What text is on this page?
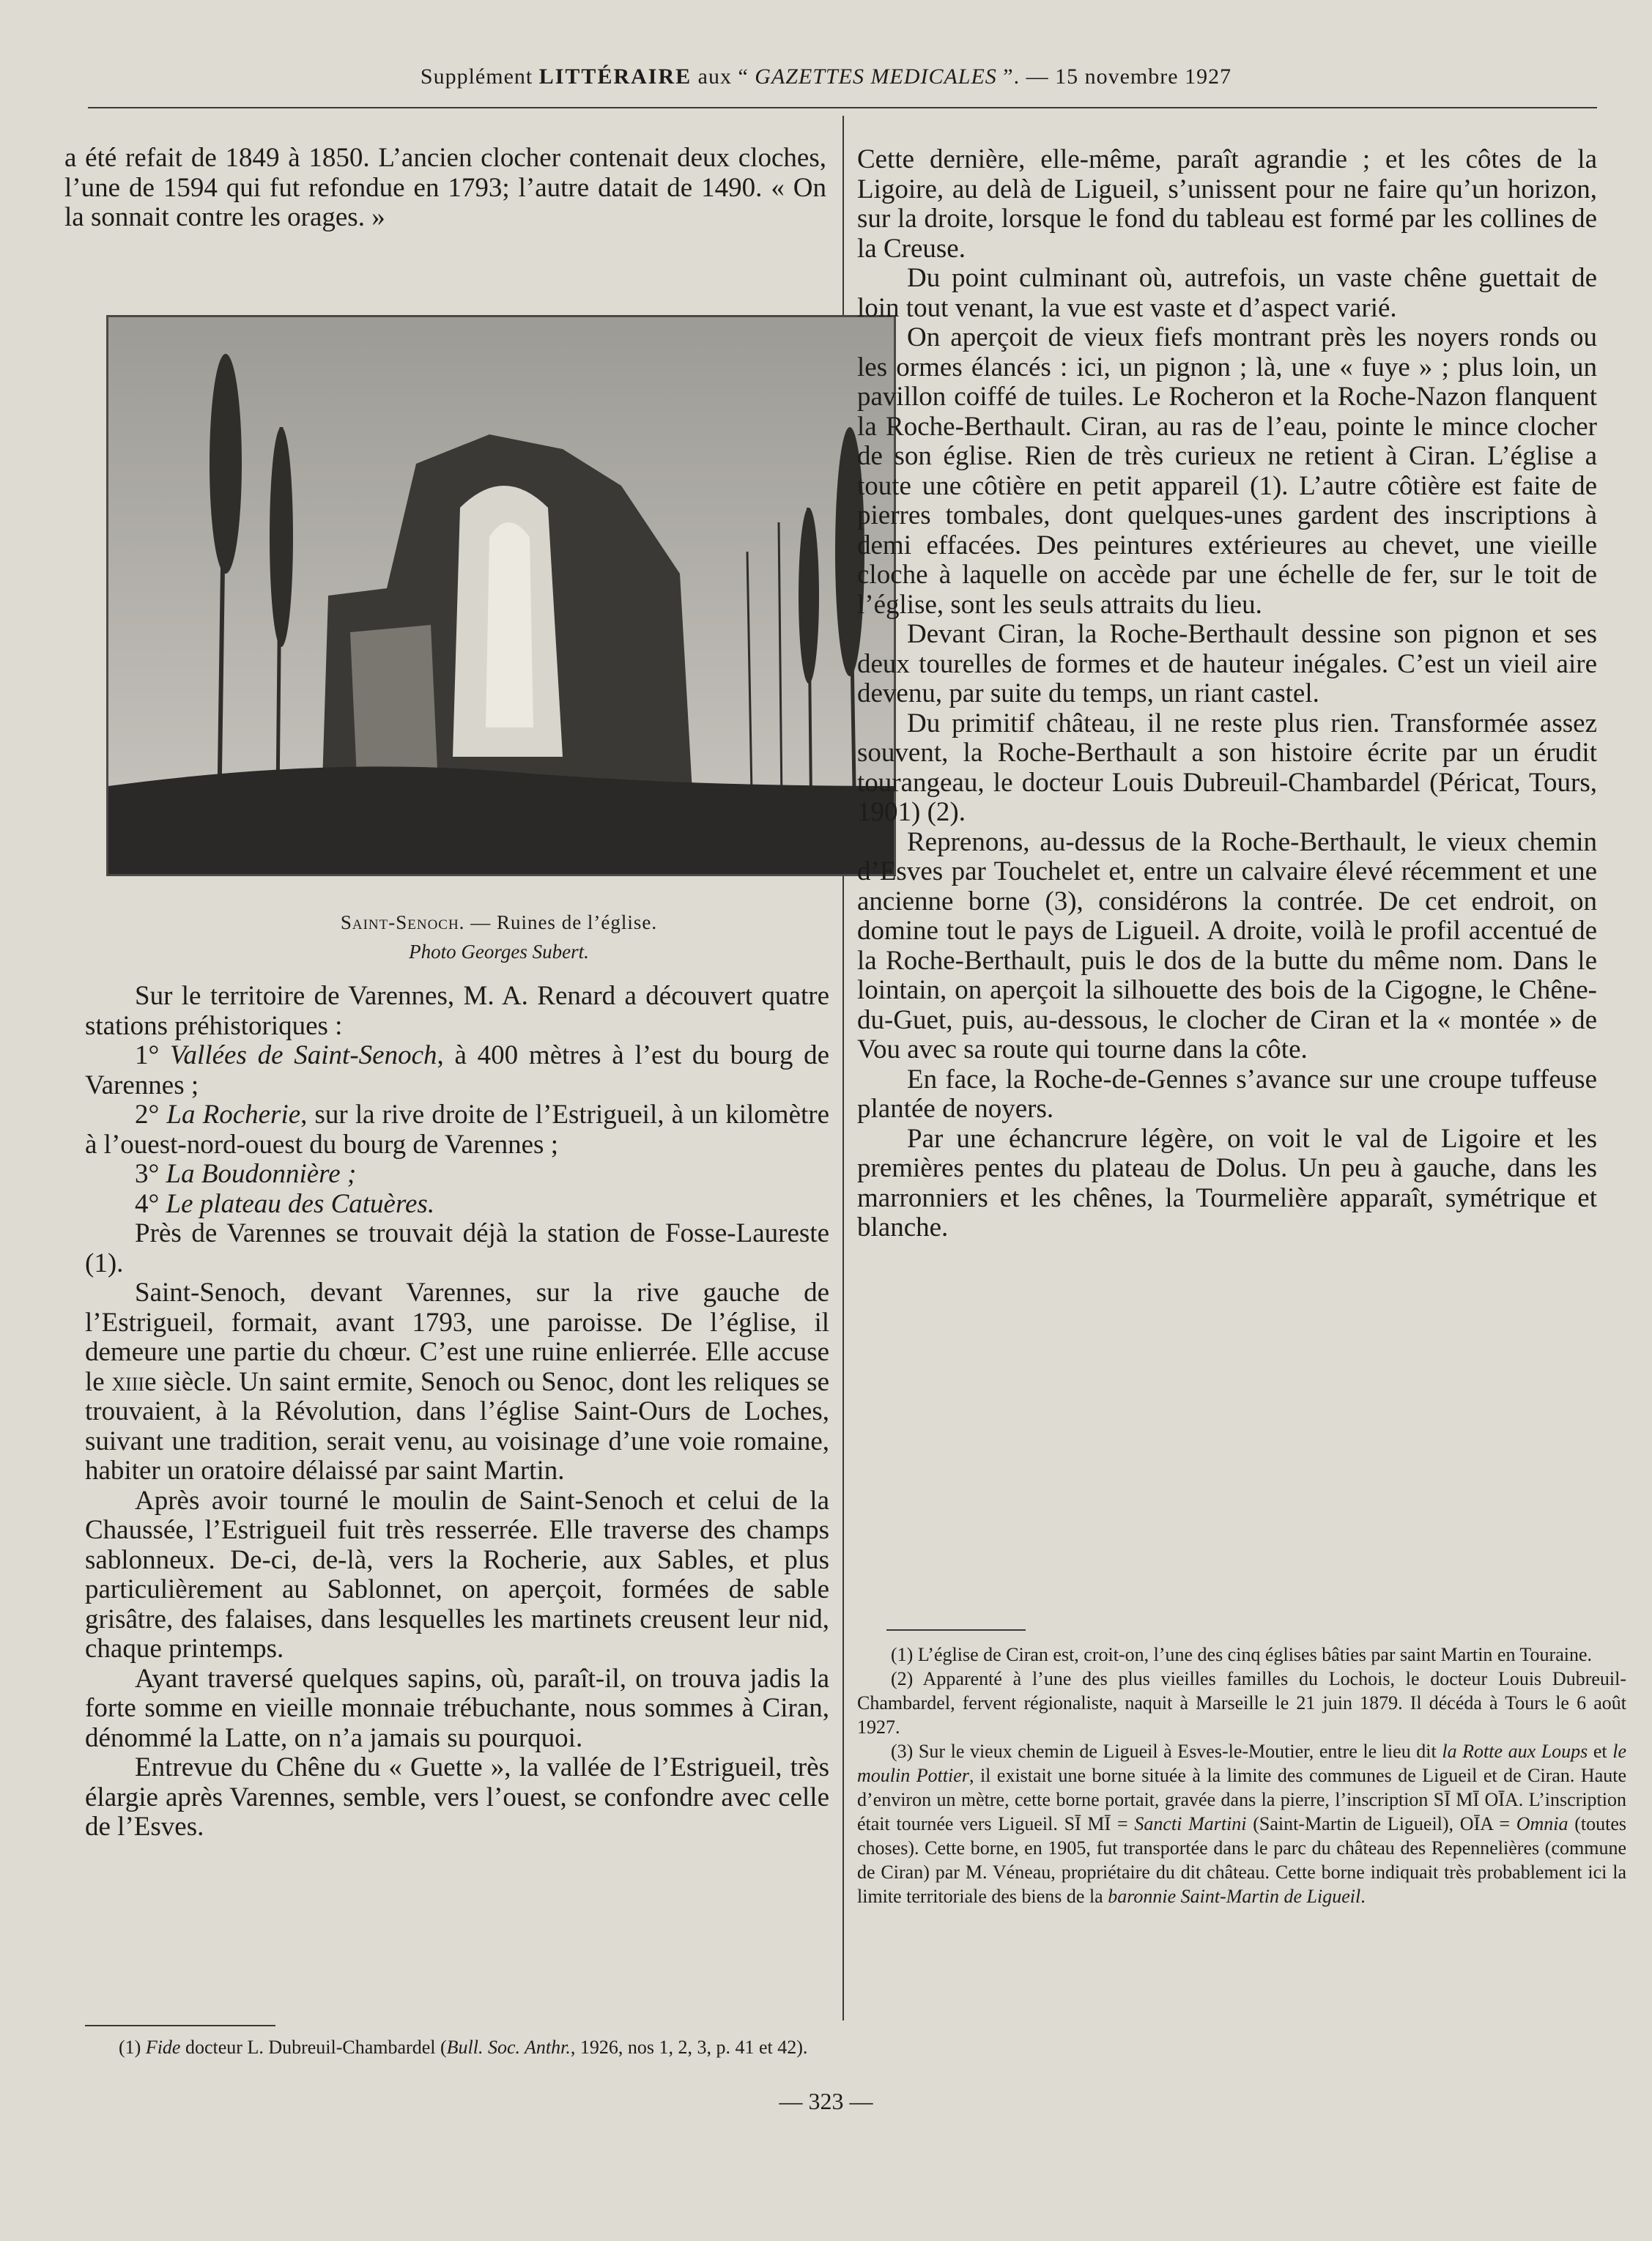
Supplément LITTÉRAIRE aux “ GAZETTES MEDICALES ”. — 15 novembre 1927

a été refait de 1849 à 1850. L’ancien clocher contenait deux cloches, l’une de 1594 qui fut refondue en 1793; l’autre datait de 1490. « On la sonnait contre les orages. »

Saint-Senoch. — Ruines de l’église.
Photo Georges Subert.

Sur le territoire de Varennes, M. A. Renard a découvert quatre stations préhistoriques :

1° Vallées de Saint-Senoch, à 400 mètres à l’est du bourg de Varennes ;

2° La Rocherie, sur la rive droite de l’Estrigueil, à un kilomètre à l’ouest-nord-ouest du bourg de Varennes ;

3° La Boudonnière ;

4° Le plateau des Catuères.

Près de Varennes se trouvait déjà la station de Fosse-Laureste (1).

Saint-Senoch, devant Varennes, sur la rive gauche de l’Estrigueil, formait, avant 1793, une paroisse. De l’église, il demeure une partie du chœur. C’est une ruine enlierrée. Elle accuse le xiiie siècle. Un saint ermite, Senoch ou Senoc, dont les reliques se trouvaient, à la Révolution, dans l’église Saint-Ours de Loches, suivant une tradition, serait venu, au voisinage d’une voie romaine, habiter un oratoire délaissé par saint Martin.

Après avoir tourné le moulin de Saint-Senoch et celui de la Chaussée, l’Estrigueil fuit très resserrée. Elle traverse des champs sablonneux. De-ci, de-là, vers la Rocherie, aux Sables, et plus particulièrement au Sablonnet, on aperçoit, formées de sable grisâtre, des falaises, dans lesquelles les martinets creusent leur nid, chaque printemps.

Ayant traversé quelques sapins, où, paraît-il, on trouva jadis la forte somme en vieille monnaie trébuchante, nous sommes à Ciran, dénommé la Latte, on n’a jamais su pourquoi.

Entrevue du Chêne du « Guette », la vallée de l’Estrigueil, très élargie après Varennes, semble, vers l’ouest, se confondre avec celle de l’Esves.

(1) Fide docteur L. Dubreuil-Chambardel (Bull. Soc. Anthr., 1926, nos 1, 2, 3, p. 41 et 42).

Cette dernière, elle-même, paraît agrandie ; et les côtes de la Ligoire, au delà de Ligueil, s’unissent pour ne faire qu’un horizon, sur la droite, lorsque le fond du tableau est formé par les collines de la Creuse.

Du point culminant où, autrefois, un vaste chêne guettait de loin tout venant, la vue est vaste et d’aspect varié.

On aperçoit de vieux fiefs montrant près les noyers ronds ou les ormes élancés : ici, un pignon ; là, une « fuye » ; plus loin, un pavillon coiffé de tuiles. Le Rocheron et la Roche-Nazon flanquent la Roche-Berthault. Ciran, au ras de l’eau, pointe le mince clocher de son église. Rien de très curieux ne retient à Ciran. L’église a toute une côtière en petit appareil (1). L’autre côtière est faite de pierres tombales, dont quelques-unes gardent des inscriptions à demi effacées. Des peintures extérieures au chevet, une vieille cloche à laquelle on accède par une échelle de fer, sur le toit de l’église, sont les seuls attraits du lieu.

Devant Ciran, la Roche-Berthault dessine son pignon et ses deux tourelles de formes et de hauteur inégales. C’est un vieil aire devenu, par suite du temps, un riant castel.

Du primitif château, il ne reste plus rien. Transformée assez souvent, la Roche-Berthault a son histoire écrite par un érudit tourangeau, le docteur Louis Dubreuil-Chambardel (Péricat, Tours, 1901) (2).

Reprenons, au-dessus de la Roche-Berthault, le vieux chemin d’Esves par Touchelet et, entre un calvaire élevé récemment et une ancienne borne (3), considérons la contrée. De cet endroit, on domine tout le pays de Ligueil. A droite, voilà le profil accentué de la Roche-Berthault, puis le dos de la butte du même nom. Dans le lointain, on aperçoit la silhouette des bois de la Cigogne, le Chêne-du-Guet, puis, au-dessous, le clocher de Ciran et la « montée » de Vou avec sa route qui tourne dans la côte.

En face, la Roche-de-Gennes s’avance sur une croupe tuffeuse plantée de noyers.

Par une échancrure légère, on voit le val de Ligoire et les premières pentes du plateau de Dolus. Un peu à gauche, dans les marronniers et les chênes, la Tourmelière apparaît, symétrique et blanche.

(1) L’église de Ciran est, croit-on, l’une des cinq églises bâties par saint Martin en Touraine.

(2) Apparenté à l’une des plus vieilles familles du Lochois, le docteur Louis Dubreuil-Chambardel, fervent régionaliste, naquit à Marseille le 21 juin 1879. Il décéda à Tours le 6 août 1927.

(3) Sur le vieux chemin de Ligueil à Esves-le-Moutier, entre le lieu dit la Rotte aux Loups et le moulin Pottier, il existait une borne située à la limite des communes de Ligueil et de Ciran. Haute d’environ un mètre, cette borne portait, gravée dans la pierre, l’inscription SĪ MĪ OĪA. L’inscription était tournée vers Ligueil. SĪ MĪ = Sancti Martini (Saint-Martin de Ligueil), OĪA = Omnia (toutes choses). Cette borne, en 1905, fut transportée dans le parc du château des Repennelières (commune de Ciran) par M. Véneau, propriétaire du dit château. Cette borne indiquait très probablement ici la limite territoriale des biens de la baronnie Saint-Martin de Ligueil.

— 323 —
